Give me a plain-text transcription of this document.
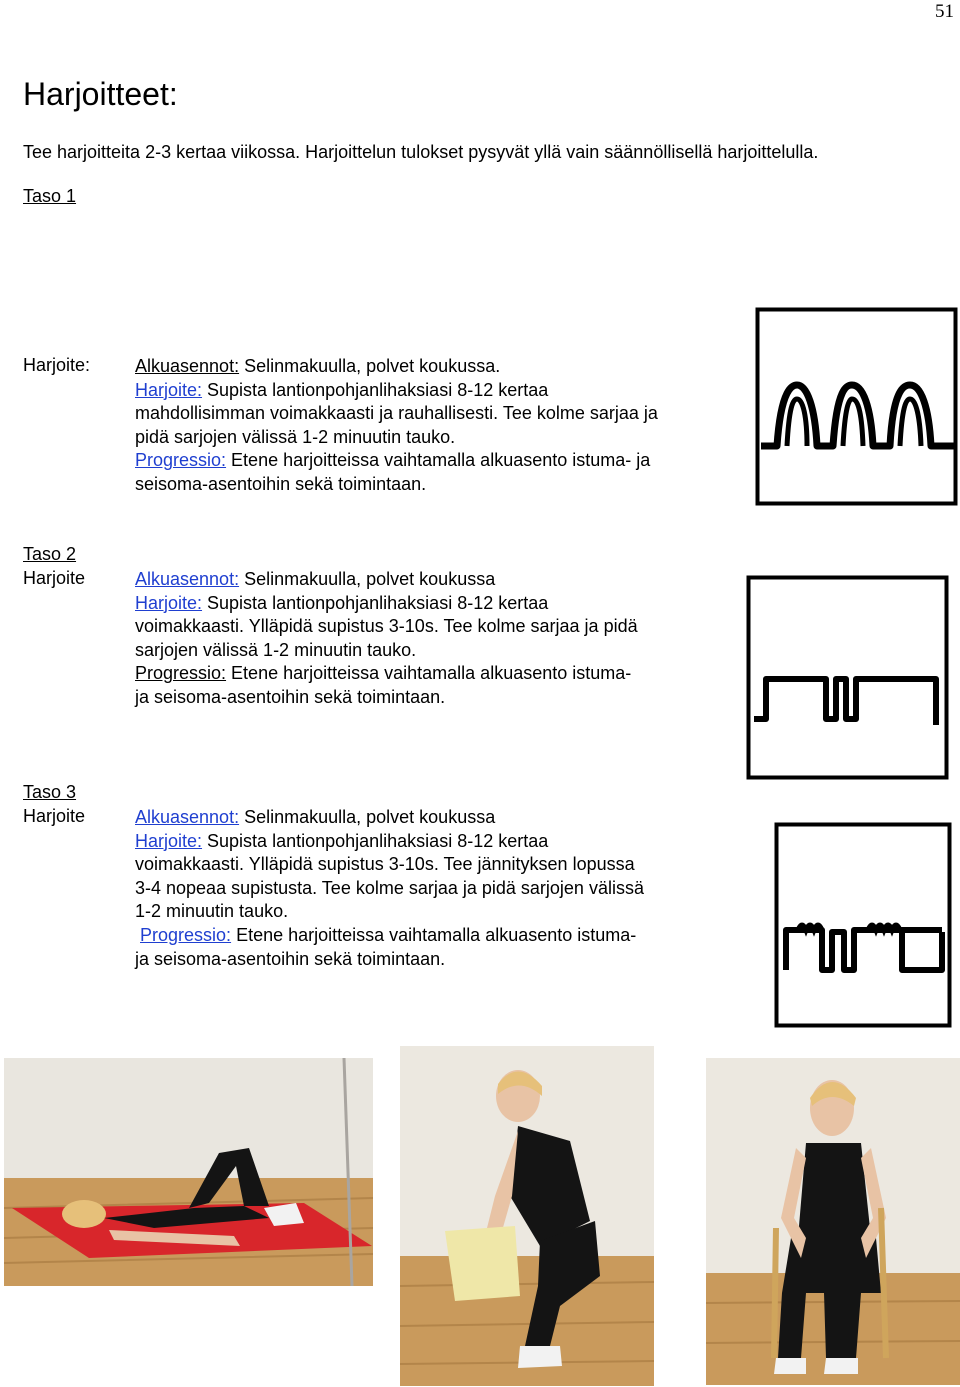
51
Harjoitteet:

Tee harjoitteita 2-3 kertaa viikossa. Harjoittelun tulokset pysyvät yllä vain säännöllisellä harjoittelulla.

Taso 1
Harjoite: Alkuasennot: Selinmakuulla, polvet koukussa.
Harjoite: Supista lantionpohjanlihaksiasi 8-12 kertaa
mahdollisimman voimakkaasti ja rauhallisesti. Tee kolme sarjaa ja
pidä sarjojen välissä 1-2 minuutin tauko.
Progressio: Etene harjoitteissa vaihtamalla alkuasento istuma- ja
seisoma-asentoihin sekä toimintaan.
Taso 2
Harjoite	Alkuasennot: Selinmakuulla, polvet koukussa
Harjoite: Supista lantionpohjanlihaksiasi 8-12 kertaa
voimakkaasti. Ylläpidä supistus 3-10s. Tee kolme sarjaa ja pidä
sarjojen välissä 1-2 minuutin tauko.
Progressio: Etene harjoitteissa vaihtamalla alkuasento istuma-
ja seisoma-asentoihin sekä toimintaan.
Taso 3
Harjoite	Alkuasennot: Selinmakuulla, polvet koukussa
Harjoite: Supista lantionpohjanlihaksiasi 8-12 kertaa
voimakkaasti. Ylläpidä supistus 3-10s. Tee jännityksen lopussa
3-4 nopeaa supistusta. Tee kolme sarjaa ja pidä sarjojen välissä
1-2 minuutin tauko.
Progressio: Etene harjoitteissa vaihtamalla alkuasento istuma-
ja seisoma-asentoihin sekä toimintaan.
